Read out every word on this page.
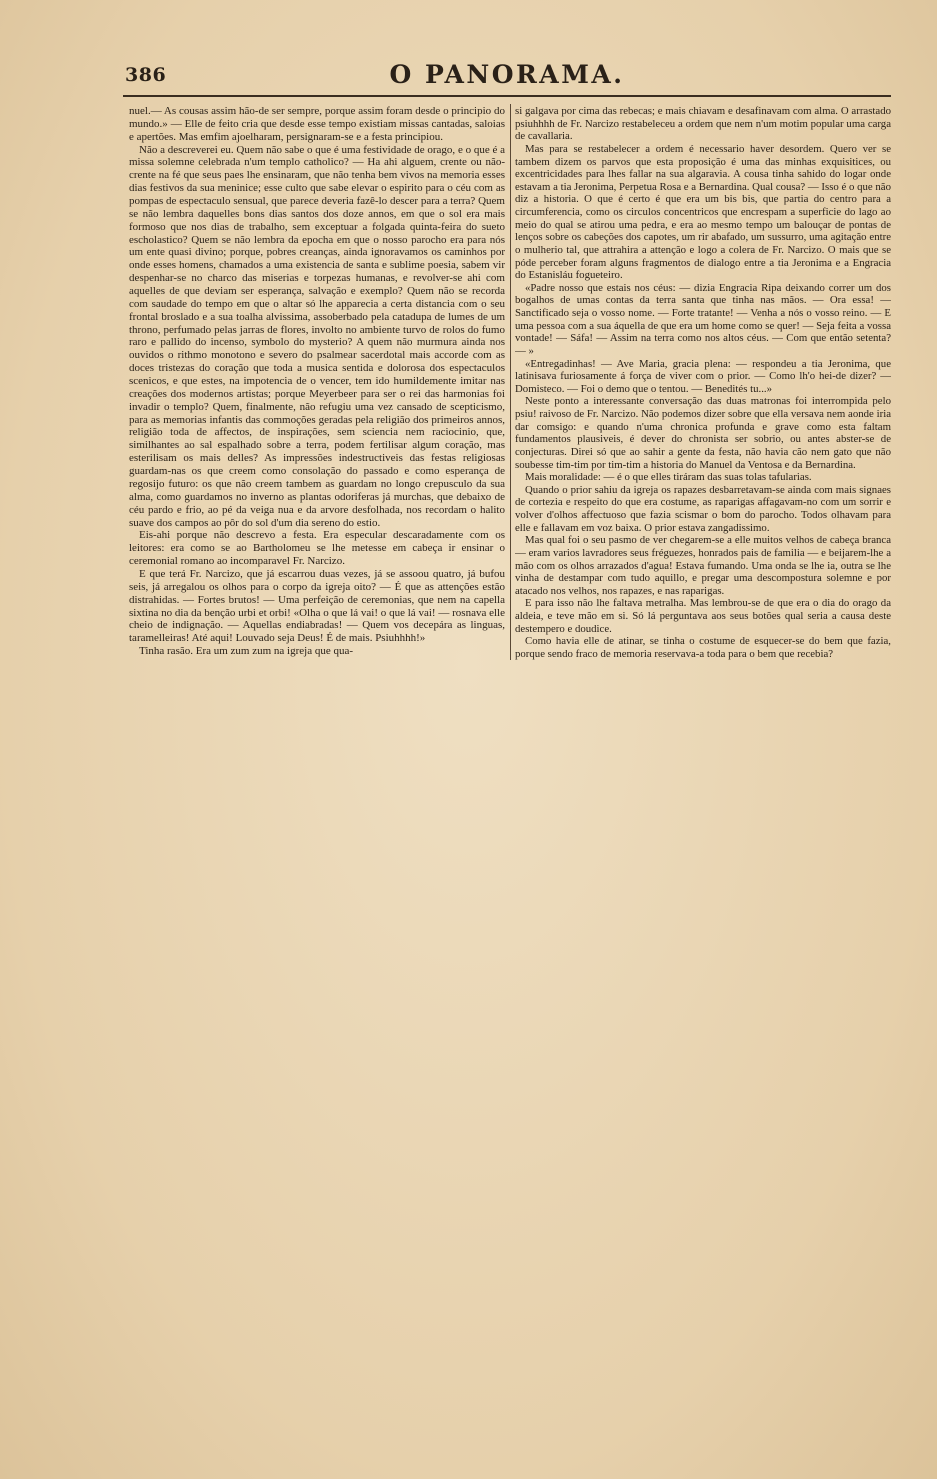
386	O PANORAMA.

nuel.— As cousas assim hão-de ser sempre, porque assim foram desde o principio do mundo.» — Elle de feito cria que desde esse tempo existiam missas cantadas, saloias e apertões. Mas emfim ajoelharam, persignaram-se e a festa principiou.

Não a descreverei eu. Quem não sabe o que é uma festividade de orago, e o que é a missa solemne celebrada n'um templo catholico? — Ha ahi alguem, crente ou não-crente na fé que seus paes lhe ensinaram, que não tenha bem vivos na memoria esses dias festivos da sua meninice; esse culto que sabe elevar o espirito para o céu com as pompas de espectaculo sensual, que parece deveria fazê-lo descer para a terra? Quem se não lembra daquelles bons dias santos dos doze annos, em que o sol era mais formoso que nos dias de trabalho, sem exceptuar a folgada quinta-feira do sueto escholastico? Quem se não lembra da epocha em que o nosso parocho era para nós um ente quasi divino; porque, pobres creanças, ainda ignoravamos os caminhos por onde esses homens, chamados a uma existencia de santa e sublime poesia, sabem vir despenhar-se no charco das miserias e torpezas humanas, e revolver-se ahi com aquelles de que deviam ser esperança, salvação e exemplo? Quem não se recorda com saudade do tempo em que o altar só lhe apparecia a certa distancia com o seu frontal broslado e a sua toalha alvissima, assoberbado pela catadupa de lumes de um throno, perfumado pelas jarras de flores, involto no ambiente turvo de rolos do fumo raro e pallido do incenso, symbolo do mysterio? A quem não murmura ainda nos ouvidos o rithmo monotono e severo do psalmear sacerdotal mais accorde com as doces tristezas do coração que toda a musica sentida e dolorosa dos espectaculos scenicos, e que estes, na impotencia de o vencer, tem ido humildemente imitar nas creações dos modernos artistas; porque Meyerbeer para ser o rei das harmonias foi invadir o templo? Quem, finalmente, não refugiu uma vez cansado de scepticismo, para as memorias infantis das commoções geradas pela religião dos primeiros annos, religião toda de affectos, de inspirações, sem sciencia nem raciocinio, que, similhantes ao sal espalhado sobre a terra, podem fertilisar algum coração, mas esterilisam os mais delles? As impressões indestructiveis das festas religiosas guardam-nas os que creem como consolação do passado e como esperança de regosijo futuro: os que não creem tambem as guardam no longo crepusculo da sua alma, como guardamos no inverno as plantas odoriferas já murchas, que debaixo de céu pardo e frio, ao pé da veiga nua e da arvore desfolhada, nos recordam o halito suave dos campos ao pôr do sol d'um dia sereno do estio.

Eis-ahi porque não descrevo a festa. Era especular descaradamente com os leitores: era como se ao Bartholomeu se lhe metesse em cabeça ir ensinar o ceremonial romano ao incomparavel Fr. Narcizo.

E que terá Fr. Narcizo, que já escarrou duas vezes, já se assoou quatro, já bufou seis, já arregalou os olhos para o corpo da igreja oito? — É que as attenções estão distrahidas. — Fortes brutos! — Uma perfeição de ceremonias, que nem na capella sixtina no dia da benção urbi et orbi! «Olha o que lá vai! o que lá vai! — rosnava elle cheio de indignação. — Aquellas endiabradas! — Quem vos decepára as linguas, taramelleiras! Até aqui! Louvado seja Deus! É de mais. Psiuhhhh!»

Tinha rasão. Era um zum zum na igreja que qua-

si galgava por cima das rebecas; e mais chiavam e desafinavam com alma. O arrastado psiuhhhh de Fr. Narcizo restabeleceu a ordem que nem n'um motim popular uma carga de cavallaria.

Mas para se restabelecer a ordem é necessario haver desordem. Quero ver se tambem dizem os parvos que esta proposição é uma das minhas exquisitices, ou excentricidades para lhes fallar na sua algaravia. A cousa tinha sahido do logar onde estavam a tia Jeronima, Perpetua Rosa e a Bernardina. Qual cousa? — Isso é o que não diz a historia. O que é certo é que era um bis bis, que partia do centro para a circumferencia, como os circulos concentricos que encrespam a superficie do lago ao meio do qual se atirou uma pedra, e era ao mesmo tempo um balouçar de pontas de lenços sobre os cabeções dos capotes, um rir abafado, um sussurro, uma agitação entre o mulherio tal, que attrahira a attenção e logo a colera de Fr. Narcizo. O mais que se póde perceber foram alguns fragmentos de dialogo entre a tia Jeronima e a Engracia do Estanisláu fogueteiro.

«Padre nosso que estais nos céus: — dizia Engracia Ripa deixando correr um dos bogalhos de umas contas da terra santa que tinha nas mãos. — Ora essa! — Sanctificado seja o vosso nome. — Forte tratante! — Venha a nós o vosso reino. — E uma pessoa com a sua áquella de que era um home como se quer! — Seja feita a vossa vontade! — Sáfa! — Assim na terra como nos altos céus. — Com que então setenta? — »

«Entregadinhas! — Ave Maria, gracia plena: — respondeu a tia Jeronima, que latinisava furiosamente á força de viver com o prior. — Como lh'o hei-de dizer? — Domisteco. — Foi o demo que o tentou. — Benedités tu...»

Neste ponto a interessante conversação das duas matronas foi interrompida pelo psiu! raivoso de Fr. Narcizo. Não podemos dizer sobre que ella versava nem aonde iria dar comsigo: e quando n'uma chronica profunda e grave como esta faltam fundamentos plausiveis, é dever do chronista ser sobrio, ou antes abster-se de conjecturas. Direi só que ao sahir a gente da festa, não havia cão nem gato que não soubesse tim-tim por tim-tim a historia do Manuel da Ventosa e da Bernardina.

Mais moralidade: — é o que elles tiráram das suas tolas tafularias.

Quando o prior sahiu da igreja os rapazes desbarretavam-se ainda com mais signaes de cortezia e respeito do que era costume, as raparigas affagavam-no com um sorrir e volver d'olhos affectuoso que fazia scismar o bom do parocho. Todos olhavam para elle e fallavam em voz baixa. O prior estava zangadissimo.

Mas qual foi o seu pasmo de ver chegarem-se a elle muitos velhos de cabeça branca — eram varios lavradores seus fréguezes, honrados pais de familia — e beijarem-lhe a mão com os olhos arrazados d'agua! Estava fumando. Uma onda se lhe ia, outra se lhe vinha de destampar com tudo aquillo, e pregar uma descompostura solemne e por atacado nos velhos, nos rapazes, e nas raparigas.

E para isso não lhe faltava metralha. Mas lembrou-se de que era o dia do orago da aldeia, e teve mão em si. Só lá perguntava aos seus botões qual seria a causa deste destempero e doudice.

Como havia elle de atinar, se tinha o costume de esquecer-se do bem que fazia, porque sendo fraco de memoria reservava-a toda para o bem que recebia?
